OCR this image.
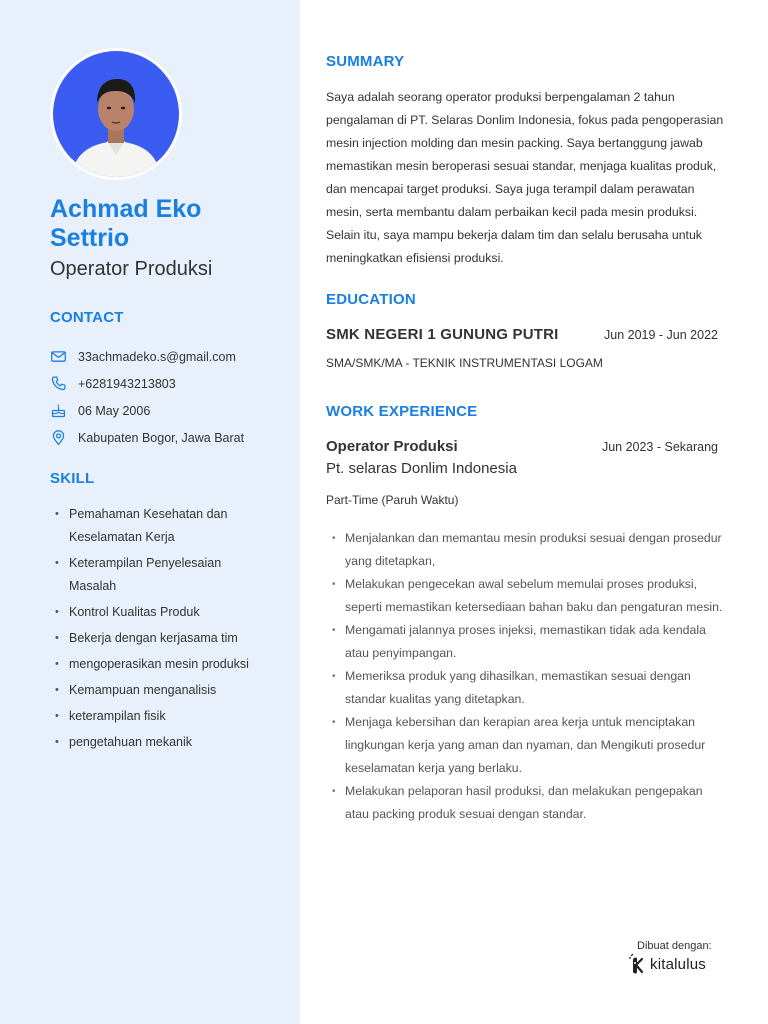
Achmad Eko Settrio
Operator Produksi
CONTACT
33achmadeko.s@gmail.com
+6281943213803
06 May 2006
Kabupaten Bogor, Jawa Barat
SKILL
• Pemahaman Kesehatan dan Keselamatan Kerja
• Keterampilan Penyelesaian Masalah
• Kontrol Kualitas Produk
• Bekerja dengan kerjasama tim
• mengoperasikan mesin produksi
• Kemampuan menganalisis
• keterampilan fisik
• pengetahuan mekanik
SUMMARY
Saya adalah seorang operator produksi berpengalaman 2 tahun pengalaman di PT. Selaras Donlim Indonesia, fokus pada pengoperasian mesin injection molding dan mesin packing. Saya bertanggung jawab memastikan mesin beroperasi sesuai standar, menjaga kualitas produk, dan mencapai target produksi. Saya juga terampil dalam perawatan mesin, serta membantu dalam perbaikan kecil pada mesin produksi. Selain itu, saya mampu bekerja dalam tim dan selalu berusaha untuk meningkatkan efisiensi produksi.
EDUCATION
SMK NEGERI 1 GUNUNG PUTRI	Jun 2019 - Jun 2022
SMA/SMK/MA - TEKNIK INSTRUMENTASI LOGAM
WORK EXPERIENCE
Operator Produksi	Jun 2023 - Sekarang
Pt. selaras Donlim Indonesia
Part-Time (Paruh Waktu)
• Menjalankan dan memantau mesin produksi sesuai dengan prosedur yang ditetapkan,
• Melakukan pengecekan awal sebelum memulai proses produksi, seperti memastikan ketersediaan bahan baku dan pengaturan mesin.
• Mengamati jalannya proses injeksi, memastikan tidak ada kendala atau penyimpangan.
• Memeriksa produk yang dihasilkan, memastikan sesuai dengan standar kualitas yang ditetapkan.
• Menjaga kebersihan dan kerapian area kerja untuk menciptakan lingkungan kerja yang aman dan nyaman, dan Mengikuti prosedur keselamatan kerja yang berlaku.
• Melakukan pelaporan hasil produksi, dan melakukan pengepakan atau packing produk sesuai dengan standar.
Dibuat dengan:
kitalulus
